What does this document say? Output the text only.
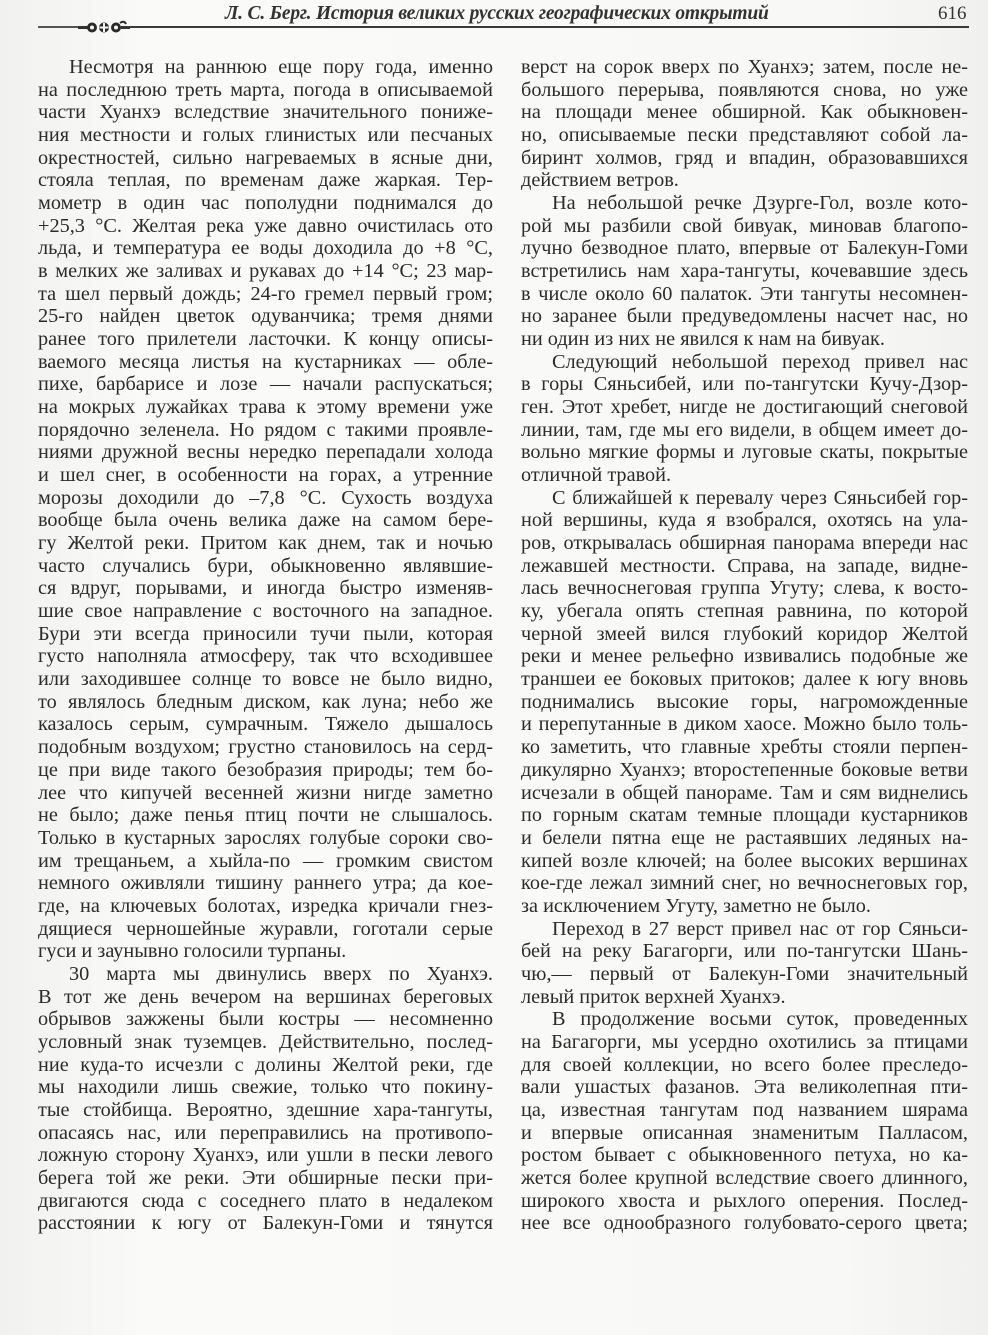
Л. С. Берг. История великих русских географических открытий	616
Несмотря на раннюю еще пору года, именно
на последнюю треть марта, погода в описываемой
части Хуанхэ вследствие значительного пониже-
ния местности и голых глинистых или песчаных
окрестностей, сильно нагреваемых в ясные дни,
стояла теплая, по временам даже жаркая. Тер-
мометр в один час пополудни поднимался до
+25,3 °С. Желтая река уже давно очистилась ото
льда, и температура ее воды доходила до +8 °С,
в мелких же заливах и рукавах до +14 °С; 23 мар-
та шел первый дождь; 24-го гремел первый гром;
25-го найден цветок одуванчика; тремя днями
ранее того прилетели ласточки. К концу описы-
ваемого месяца листья на кустарниках — обле-
пихе, барбарисе и лозе — начали распускаться;
на мокрых лужайках трава к этому времени уже
порядочно зеленела. Но рядом с такими проявле-
ниями дружной весны нередко перепадали холода
и шел снег, в особенности на горах, а утренние
морозы доходили до –7,8 °С. Сухость воздуха
вообще была очень велика даже на самом бере-
гу Желтой реки. Притом как днем, так и ночью
часто случались бури, обыкновенно являвшие-
ся вдруг, порывами, и иногда быстро изменяв-
шие свое направление с восточного на западное.
Бури эти всегда приносили тучи пыли, которая
густо наполняла атмосферу, так что всходившее
или заходившее солнце то вовсе не было видно,
то являлось бледным диском, как луна; небо же
казалось серым, сумрачным. Тяжело дышалось
подобным воздухом; грустно становилось на серд-
це при виде такого безобразия природы; тем бо-
лее что кипучей весенней жизни нигде заметно
не было; даже пенья птиц почти не слышалось.
Только в кустарных зарослях голубые сороки сво-
им трещаньем, а хыйла-по — громким свистом
немного оживляли тишину раннего утра; да кое-
где, на ключевых болотах, изредка кричали гнез-
дящиеся черношейные журавли, гоготали серые
гуси и заунывно голосили турпаны.
30 марта мы двинулись вверх по Хуанхэ.
В тот же день вечером на вершинах береговых
обрывов зажжены были костры — несомненно
условный знак туземцев. Действительно, послед-
ние куда-то исчезли с долины Желтой реки, где
мы находили лишь свежие, только что покину-
тые стойбища. Вероятно, здешние хара-тангуты,
опасаясь нас, или переправились на противопо-
ложную сторону Хуанхэ, или ушли в пески левого
берега той же реки. Эти обширные пески при-
двигаются сюда с соседнего плато в недалеком
расстоянии к югу от Балекун-Гоми и тянутся
верст на сорок вверх по Хуанхэ; затем, после не-
большого перерыва, появляются снова, но уже
на площади менее обширной. Как обыкновен-
но, описываемые пески представляют собой ла-
биринт холмов, гряд и впадин, образовавшихся
действием ветров.
На небольшой речке Дзурге-Гол, возле кото-
рой мы разбили свой бивуак, миновав благопо-
лучно безводное плато, впервые от Балекун-Гоми
встретились нам хара-тангуты, кочевавшие здесь
в числе около 60 палаток. Эти тангуты несомнен-
но заранее были предуведомлены насчет нас, но
ни один из них не явился к нам на бивуак.
Следующий небольшой переход привел нас
в горы Сяньсибей, или по-тангутски Кучу-Дзор-
ген. Этот хребет, нигде не достигающий снеговой
линии, там, где мы его видели, в общем имеет до-
вольно мягкие формы и луговые скаты, покрытые
отличной травой.
С ближайшей к перевалу через Сяньсибей гор-
ной вершины, куда я взобрался, охотясь на ула-
ров, открывалась обширная панорама впереди нас
лежавшей местности. Справа, на западе, видне-
лась вечноснеговая группа Угуту; слева, к восто-
ку, убегала опять степная равнина, по которой
черной змеей вился глубокий коридор Желтой
реки и менее рельефно извивались подобные же
траншеи ее боковых притоков; далее к югу вновь
поднимались высокие горы, нагроможденные
и перепутанные в диком хаосе. Можно было толь-
ко заметить, что главные хребты стояли перпен-
дикулярно Хуанхэ; второстепенные боковые ветви
исчезали в общей панораме. Там и сям виднелись
по горным скатам темные площади кустарников
и белели пятна еще не растаявших ледяных на-
кипей возле ключей; на более высоких вершинах
кое-где лежал зимний снег, но вечноснеговых гор,
за исключением Угуту, заметно не было.
Переход в 27 верст привел нас от гор Сяньси-
бей на реку Багагорги, или по-тангутски Шань-
чю,— первый от Балекун-Гоми значительный
левый приток верхней Хуанхэ.
В продолжение восьми суток, проведенных
на Багагорги, мы усердно охотились за птицами
для своей коллекции, но всего более преследо-
вали ушастых фазанов. Эта великолепная пти-
ца, известная тангутам под названием шярама
и впервые описанная знаменитым Палласом,
ростом бывает с обыкновенного петуха, но ка-
жется более крупной вследствие своего длинного,
широкого хвоста и рыхлого оперения. Послед-
нее все однообразного голубовато-серого цвета;
